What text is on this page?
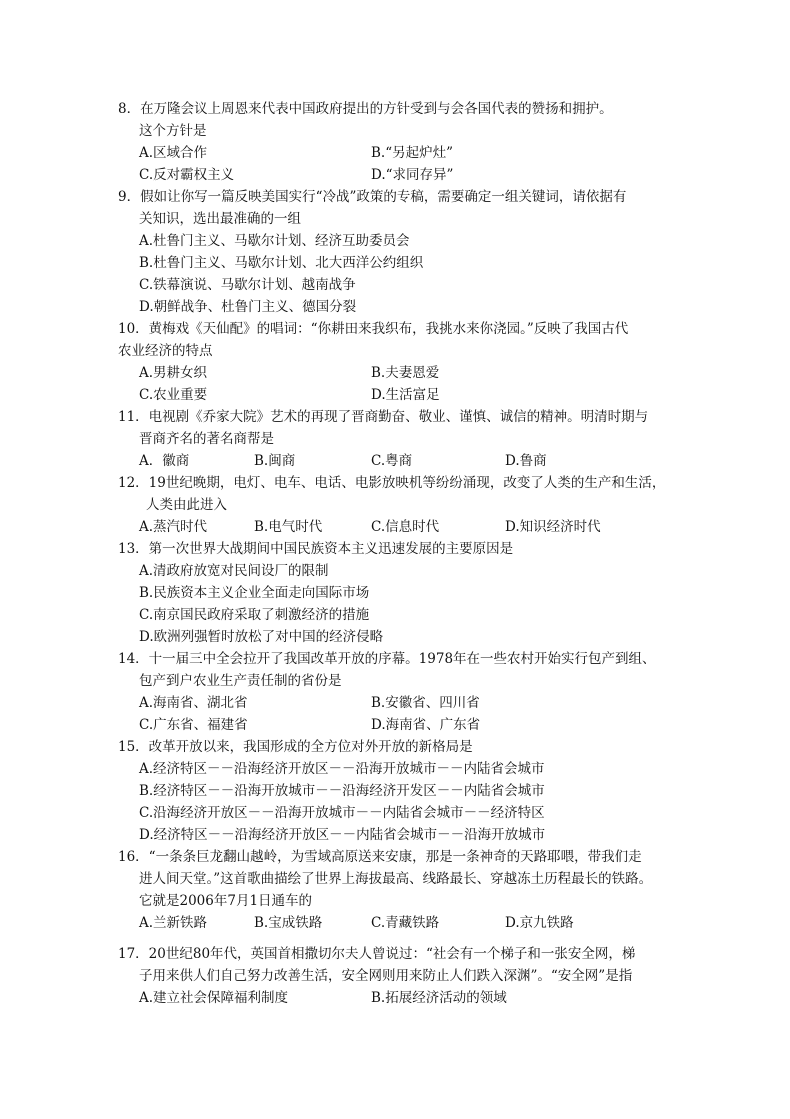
8．在万隆会议上周恩来代表中国政府提出的方针受到与会各国代表的赞扬和拥护。
这个方针是
A.区域合作	B.“另起炉灶”
C.反对霸权主义	D.“求同存异”
9．假如让你写一篇反映美国实行“冷战”政策的专稿，需要确定一组关键词，请依据有
关知识，选出最准确的一组
A.杜鲁门主义、马歇尔计划、经济互助委员会
B.杜鲁门主义、马歇尔计划、北大西洋公约组织
C.铁幕演说、马歇尔计划、越南战争
D.朝鲜战争、杜鲁门主义、德国分裂
10．黄梅戏《天仙配》的唱词：“你耕田来我织布，我挑水来你浇园。”反映了我国古代
农业经济的特点
A.男耕女织	B.夫妻恩爱
C.农业重要	D.生活富足
11．电视剧《乔家大院》艺术的再现了晋商勤奋、敬业、谨慎、诚信的精神。明清时期与
晋商齐名的著名商帮是
A．徽商	B.闽商	C.粤商	D.鲁商
12．19世纪晚期，电灯、电车、电话、电影放映机等纷纷涌现，改变了人类的生产和生活，
人类由此进入
A.蒸汽时代	B.电气时代	C.信息时代	D.知识经济时代
13．第一次世界大战期间中国民族资本主义迅速发展的主要原因是
A.清政府放宽对民间设厂的限制
B.民族资本主义企业全面走向国际市场
C.南京国民政府采取了刺激经济的措施
D.欧洲列强暂时放松了对中国的经济侵略
14．十一届三中全会拉开了我国改革开放的序幕。1978年在一些农村开始实行包产到组、
包产到户农业生产责任制的省份是
A.海南省、湖北省	B.安徽省、四川省
C.广东省、福建省	D.海南省、广东省
15．改革开放以来，我国形成的全方位对外开放的新格局是
A.经济特区－－沿海经济开放区－－沿海开放城市－－内陆省会城市
B.经济特区－－沿海开放城市－－沿海经济开发区－－内陆省会城市
C.沿海经济开放区－－沿海开放城市－－内陆省会城市－－经济特区
D.经济特区－－沿海经济开放区－－内陆省会城市－－沿海开放城市
16．“一条条巨龙翻山越岭，为雪域高原送来安康，那是一条神奇的天路耶喂，带我们走
进人间天堂。”这首歌曲描绘了世界上海拔最高、线路最长、穿越冻土历程最长的铁路。
它就是2006年7月1日通车的
A.兰新铁路	B.宝成铁路	C.青藏铁路	D.京九铁路
17．20世纪80年代，英国首相撒切尔夫人曾说过：“社会有一个梯子和一张安全网，梯
子用来供人们自己努力改善生活，安全网则用来防止人们跌入深渊”。“安全网”是指
A.建立社会保障福利制度	B.拓展经济活动的领域
